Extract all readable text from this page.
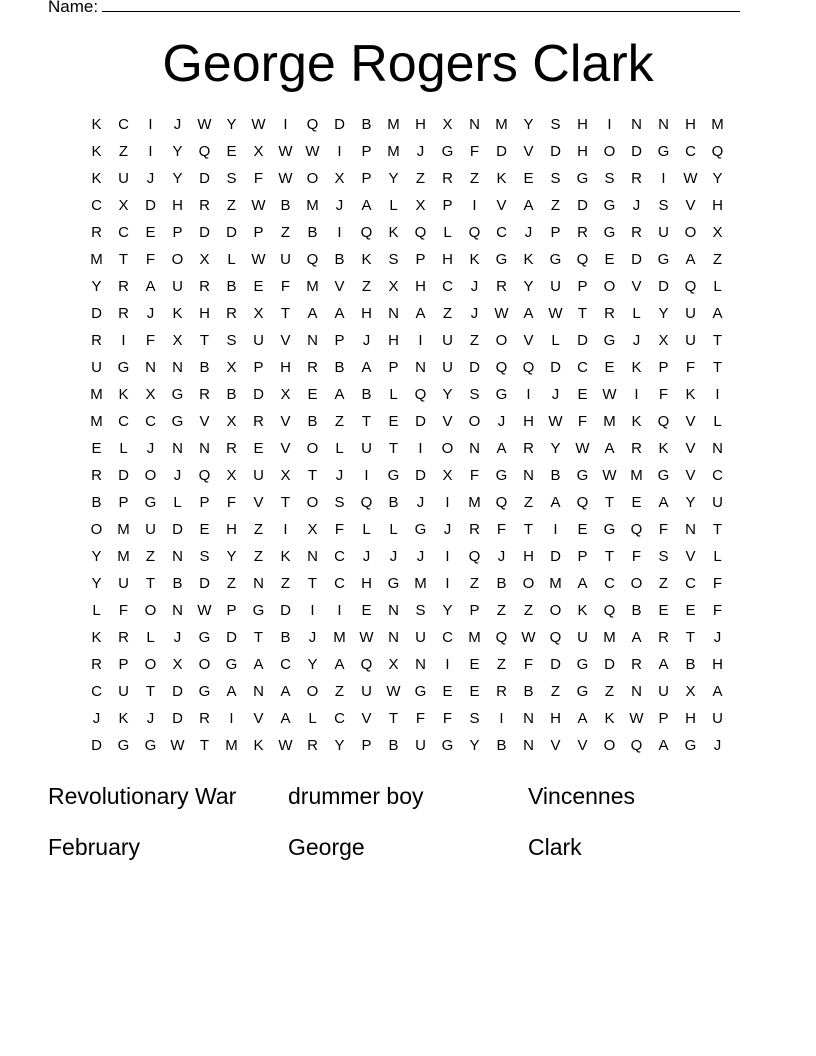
Name:
George Rogers Clark
K	C	I	J	W Y W	I	Q	D	B	M	H	X	N	M	Y	S	H	I	N	N	H	M
K	Z	I	Y	Q	E	X W W	I	P	M	J	G	F	D	V	D	H	O	D	G	C	Q
K	U	J	Y	D	S	F	W O	X	P	Y	Z	R	Z	K	E	S	G	S	R	I	W Y
C	X	D	H	R	Z	W B	M	J	A	L	X	P	I	V	A	Z	D	G	J	S	V	H
R	C	E	P	D	D	P	Z	B	I	Q	K	Q	L	Q	C	J	P	R	G	R	U	O	X
M	T	F	O	X	L	W U	Q	B	K	S	P	H	K	G	K	G	Q	E	D	G	A	Z
Y	R	A	U	R	B	E	F	M	V	Z	X	H	C	J	R	Y	U	P	O	V	D	Q	L
D	R	J	K	H	R	X	T	A	A	H	N	A	Z	J	W A W	T	R	L	Y	U	A
R	I	F	X	T	S	U	V	N	P	J	H	I	U	Z	O	V	L	D	G	J	X	U	T
U	G	N	N	B	X	P	H	R	B	A	P	N	U	D	Q	Q	D	C	E	K	P	F	T
M	K	X	G	R	B	D	X	E	A	B	L	Q	Y	S	G	I	J	E W	I	F	K	I
M	C	C	G	V	X	R	V	B	Z	T	E	D	V	O	J	H W	F	M	K	Q	V	L
E	L	J	N	N	R	E	V	O	L	U	T	I	O	N	A	R	Y W A	R	K	V	N
R	D	O	J	Q	X	U	X	T	J	I	G	D	X	F	G	N	B	G W M G	V	C
B	P	G	L	P	F	V	T	O	S	Q	B	J	I	M Q	Z	A	Q	T	E	A	Y	U
O M	U	D	E	H	Z	I	X	F	L	L	G	J	R	F	T	I	E	G	Q	F	N	T
Y	M	Z	N	S	Y	Z	K	N	C	J	J	J	I	Q	J	H	D	P	T	F	S	V	L
Y	U	T	B	D	Z	N	Z	T	C	H	G M	I	Z	B	O M	A	C	O	Z	C	F
L	F	O	N W P	G	D	I	I	E	N	S	Y	P	Z	Z	O	K	Q	B	E	E	F
K	R	L	J	G	D	T	B	J	M W N	U	C	M Q W Q	U	M	A	R	T	J
R	P	O	X	O	G	A	C	Y	A	Q	X	N	I	E	Z	F	D	G	D	R	A	B	H
C	U	T	D	G	A	N	A	O	Z	U W G	E	E	R	B	Z	G	Z	N	U	X	A
J	K	J	D	R	I	V	A	L	C	V	T	F	F	S	I	N	H	A	K W P	H	U
D	G	G W	T	M	K W R	Y	P	B	U	G	Y	B	N	V	V	O	Q	A	G	J
Revolutionary War	drummer boy	Vincennes
February	George	Clark
